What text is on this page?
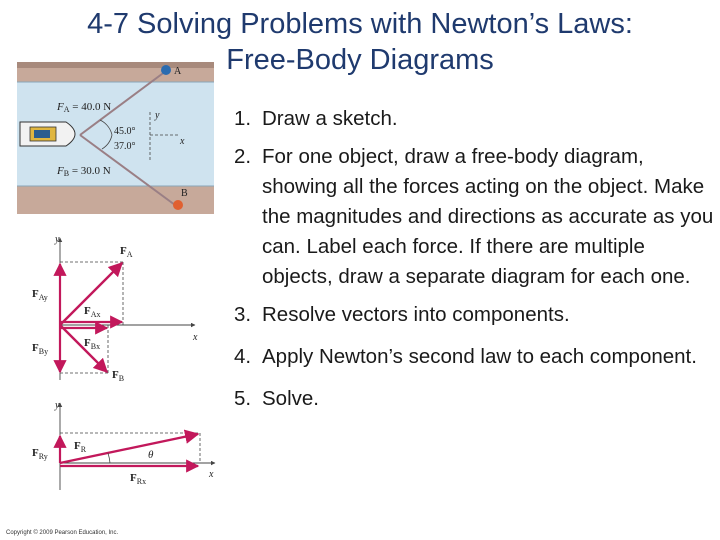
4-7 Solving Problems with Newton’s Laws:
Free-Body Diagrams
FA = 40.0 N
FB = 30.0 N
45.0°
37.0°
y
x
A
B
y
x
$F_A$
$F_{Ay}$
$F_{Ax}$
$F_{By}$
$F_{Bx}$
$F_B$
y
x
$F_R$
$F_{Ry}$
$F_{Rx}$
θ
1. Draw a sketch.
2. For one object, draw a free-body diagram, showing all the forces acting on the object. Make the magnitudes and directions as accurate as you can. Label each force. If there are multiple objects, draw a separate diagram for each one.
3. Resolve vectors into components.
4. Apply Newton’s second law to each component.
5. Solve.
Copyright © 2009 Pearson Education, Inc.
